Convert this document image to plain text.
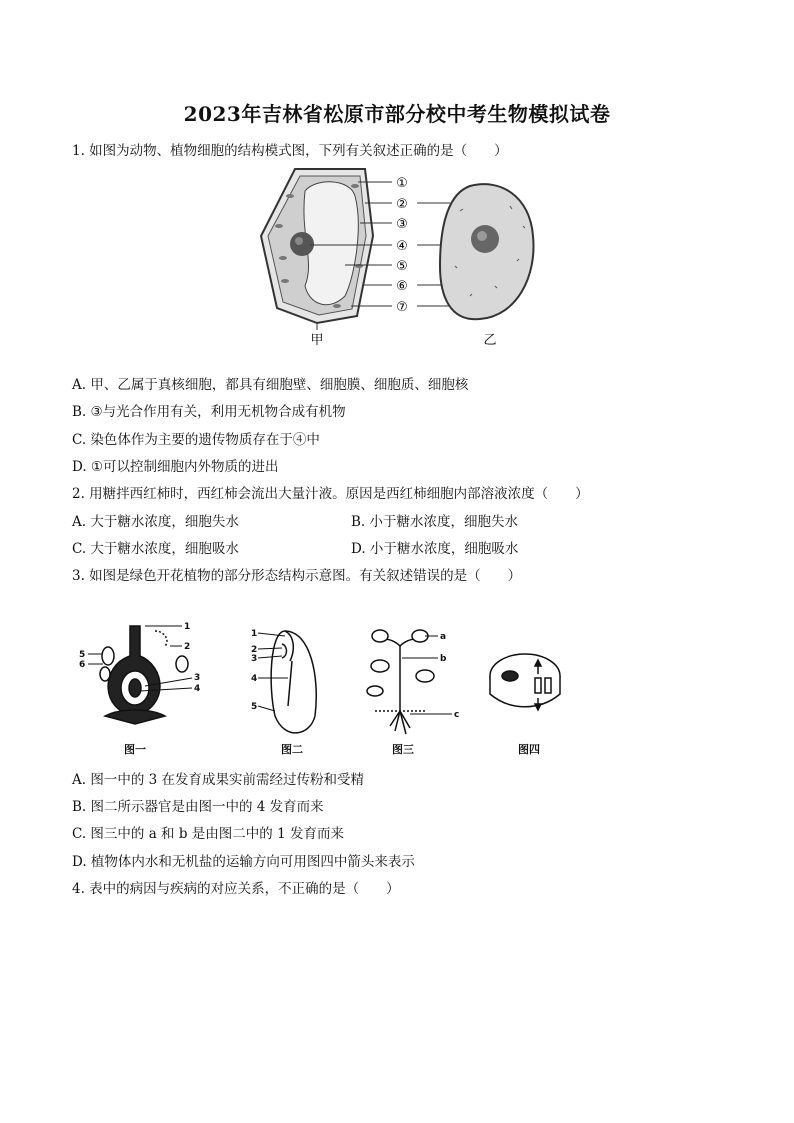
2023年吉林省松原市部分校中考生物模拟试卷
1. 如图为动物、植物细胞的结构模式图，下列有关叙述正确的是（　　）
①
②
③
④
⑤
⑥
⑦
甲	乙
A. 甲、乙属于真核细胞，都具有细胞壁、细胞膜、细胞质、细胞核
B. ③与光合作用有关，利用无机物合成有机物
C. 染色体作为主要的遗传物质存在于④中
D. ①可以控制细胞内外物质的进出
2. 用糖拌西红柿时，西红柿会流出大量汁液。原因是西红柿细胞内部溶液浓度（　　）
A. 大于糖水浓度，细胞失水	B. 小于糖水浓度，细胞失水
C. 大于糖水浓度，细胞吸水	D. 小于糖水浓度，细胞吸水
3. 如图是绿色开花植物的部分形态结构示意图。有关叙述错误的是（　　）
1
2
3
4
5
6
1
2
3
4
5
a
b
c
图一	图二	图三	图四
A. 图一中的 3 在发育成果实前需经过传粉和受精
B. 图二所示器官是由图一中的 4 发育而来
C. 图三中的 a 和 b 是由图二中的 1 发育而来
D. 植物体内水和无机盐的运输方向可用图四中箭头来表示
4. 表中的病因与疾病的对应关系，不正确的是（　　）
